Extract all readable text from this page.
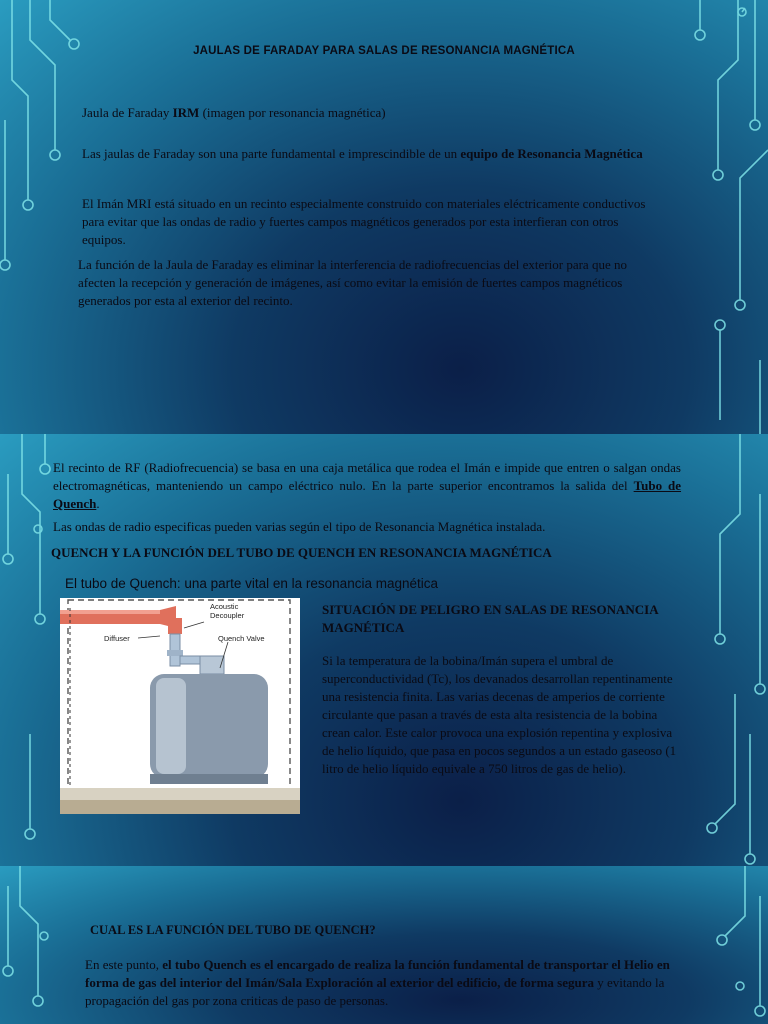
JAULAS DE FARADAY PARA SALAS DE RESONANCIA MAGNÉTICA
Jaula de Faraday IRM (imagen por resonancia magnética)
Las jaulas de Faraday son una parte fundamental e imprescindible de un equipo de Resonancia Magnética
El Imán MRI está situado en un recinto especialmente construido con materiales eléctricamente conductivos para evitar que las ondas de radio y fuertes campos magnéticos generados por esta interfieran con otros equipos.
La función de la Jaula de Faraday es eliminar la interferencia de radiofrecuencias del exterior para que no afecten la recepción y generación de imágenes, así como evitar la emisión de fuertes campos magnéticos generados por esta al exterior del recinto.
El recinto de RF (Radiofrecuencia) se basa en una caja metálica que rodea el Imán e impide que entren o salgan ondas electromagnéticas, manteniendo un campo eléctrico nulo. En la parte superior encontramos la salida del Tubo de Quench.
Las ondas de radio especificas pueden varias según el tipo de Resonancia Magnética instalada.
QUENCH Y LA FUNCIÓN DEL TUBO DE QUENCH EN RESONANCIA MAGNÉTICA
El tubo de Quench: una parte vital en la resonancia magnética
Acoustic
Decoupler
Diffuser	Quench Valve
SITUACIÓN DE PELIGRO EN SALAS DE RESONANCIA MAGNÉTICA
Si la temperatura de la bobina/Imán supera el umbral de superconductividad (Tc), los devanados desarrollan repentinamente una resistencia finita. Las varias decenas de amperios de corriente circulante que pasan a través de esta alta resistencia de la bobina crean calor. Este calor provoca una explosión repentina y explosiva de helio líquido, que pasa en pocos segundos a un estado gaseoso (1 litro de helio líquido equivale a 750 litros de gas de helio).
CUAL ES LA FUNCIÓN DEL TUBO DE QUENCH?
En este punto, el tubo Quench es el encargado de realiza la función fundamental de transportar el Helio en forma de gas del interior del Imán/Sala Exploración al exterior del edificio, de forma segura y evitando la propagación del gas por zona criticas de paso de personas.
